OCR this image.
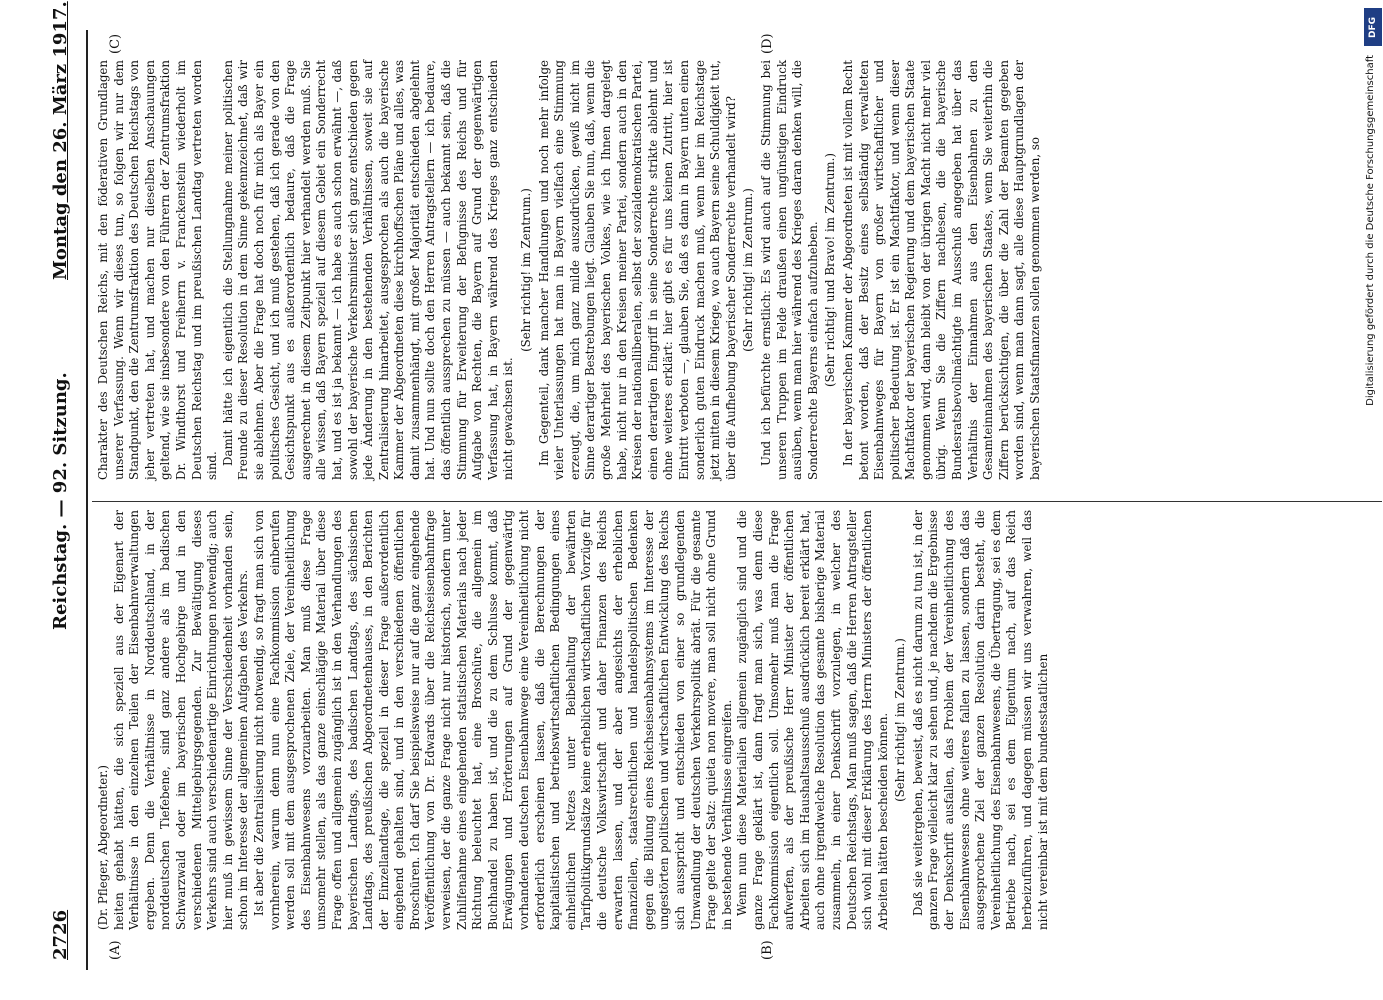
2726
Reichstag. — 92. Sitzung.
Montag den 26. März 1917.
(A)	(B)
(C)	(D)

(Dr. Pfleger, Abgeordneter.) heiten gehabt hätten, die sich speziell aus der Eigenart der Verhältnisse in den einzelnen Teilen der Eisenbahnverwaltungen ergeben. Denn die Verhältnisse in Norddeutschland, in der norddeutschen Tiefebene, sind ganz andere als im badischen Schwarzwald oder im bayerischen Hochgebirge und in den verschiedenen Mittelgebirgsgegenden. Zur Bewältigung dieses Verkehrs sind auch verschiedenartige Einrichtungen notwendig; auch hier muß in gewissem Sinne der Verschiedenheit vorhanden sein, schon im Interesse der allgemeinen Aufgaben des Verkehrs. Ist aber die Zentralisierung nicht notwendig, so fragt man sich von vornherein, warum denn nun eine Fachkommission einberufen werden soll mit dem ausgesprochenen Ziele, der Vereinheitlichung des Eisenbahnwesens vorzuarbeiten. Man muß diese Frage umsomehr stellen, als das ganze einschlägige Material über diese Frage offen und allgemein zugänglich ist in den Verhandlungen des bayerischen Landtags, des badischen Landtags, des sächsischen Landtags, des preußischen Abgeordnetenhauses, in den Berichten der Einzellandtage, die speziell in dieser Frage außerordentlich eingehend gehalten sind, und in den verschiedenen öffentlichen Broschüren. Ich darf Sie beispielsweise nur auf die ganz eingehende Veröffentlichung von Dr. Edwards über die Reichseisenbahnfrage verweisen, der die ganze Frage nicht nur historisch, sondern unter Zuhilfenahme eines eingehenden statistischen Materials nach jeder Richtung beleuchtet hat, eine Broschüre, die allgemein im Buchhandel zu haben ist, und die zu dem Schlusse kommt, daß Erwägungen und Erörterungen auf Grund der gegenwärtig vorhandenen deutschen Eisenbahnwege eine Vereinheitlichung nicht erforderlich erscheinen lassen, daß die Berechnungen der kapitalistischen und betriebswirtschaftlichen Bedingungen eines einheitlichen Netzes unter Beibehaltung der bewährten Tarifpolitikgrundsätze keine erheblichen wirtschaftlichen Vorzüge für die deutsche Volkswirtschaft und daher Finanzen des Reichs erwarten lassen, und der aber angesichts der erheblichen finanziellen, staatsrechtlichen und handelspolitischen Bedenken gegen die Bildung eines Reichseisenbahnsystems im Interesse der ungestörten politischen und wirtschaftlichen Entwicklung des Reichs sich ausspricht und entschieden von einer so grundlegenden Umwandlung der deutschen Verkehrspolitik abrät. Für die gesamte Frage gelte der Satz: quieta non movere, man soll nicht ohne Grund in bestehende Verhältnisse eingreifen. Wenn nun diese Materialien allgemein zugänglich sind und die ganze Frage geklärt ist, dann fragt man sich, was denn diese Fachkommission eigentlich soll. Umsomehr muß man die Frage aufwerfen, als der preußische Herr Minister der öffentlichen Arbeiten sich im Haushaltsausschuß ausdrücklich bereit erklärt hat, auch ohne irgendwelche Resolution das gesamte bisherige Material zusammeln, in einer Denkschrift vorzulegen, in welcher des Deutschen Reichstags, Man muß sagen, daß die Herren Antragsteller sich wohl mit dieser Erklärung des Herrn Ministers der öffentlichen Arbeiten hätten bescheiden können. (Sehr richtig! im Zentrum.) Daß sie weitergehen, beweist, daß es nicht darum zu tun ist, in der ganzen Frage vielleicht klar zu sehen und, je nachdem die Ergebnisse der Denkschrift ausfallen, das Problem der Vereinheitlichung des Eisenbahnwesens ohne weiteres fallen zu lassen, sondern daß das ausgesprochene Ziel der ganzen Resolution darin besteht, die Vereinheitlichung des Eisenbahnwesens, die Übertragung, sei es dem Betriebe nach, sei es dem Eigentum nach, auf das Reich herbeizuführen, und dagegen müssen wir uns verwahren, weil das nicht vereinbar ist mit dem bundesstaatlichen

Charakter des Deutschen Reichs, mit den föderativen Grundlagen unserer Verfassung. Wenn wir dieses tun, so folgen wir nur dem Standpunkt, den die Zentrumsfraktion des Deutschen Reichstags von jeher vertreten hat, und machen nur dieselben Anschauungen geltend, wie sie insbesondere von den Führern der Zentrumsfraktion Dr. Windthorst und Freiherrn v. Franckenstein wiederholt im Deutschen Reichstag und im preußischen Landtag vertreten worden sind. Damit hätte ich eigentlich die Stellungnahme meiner politischen Freunde zu dieser Resolution in dem Sinne gekennzeichnet, daß wir sie ablehnen. Aber die Frage hat doch noch für mich als Bayer ein politisches Gesicht, und ich muß gestehen, daß ich gerade von den Gesichtspunkt aus es außerordentlich bedaure, daß die Frage ausgerechnet in diesem Zeitpunkt hier verhandelt werden muß. Sie alle wissen, daß Bayern speziell auf diesem Gebiet ein Sonderrecht hat, und es ist ja bekannt — ich habe es auch schon erwähnt —, daß sowohl der bayerische Verkehrsminister sich ganz entschieden gegen jede Änderung in den bestehenden Verhältnissen, soweit sie auf Zentralisierung hinarbeitet, ausgesprochen als auch die bayerische Kammer der Abgeordneten diese kirchhoffschen Pläne und alles, was damit zusammenhängt, mit großer Majorität entschieden abgelehnt hat. Und nun sollte doch den Herren Antragstellern — ich bedaure, das öffentlich aussprechen zu müssen — auch bekannt sein, daß die Stimmung für Erweiterung der Befugnisse des Reichs und für Aufgabe von Rechten, die Bayern auf Grund der gegenwärtigen Verfassung hat, in Bayern während des Krieges ganz entschieden nicht gewachsen ist.

(Sehr richtig! im Zentrum.) Im Gegenteil, dank mancher Handlungen und noch mehr infolge vieler Unterlassungen hat man in Bayern vielfach eine Stimmung erzeugt, die, um mich ganz milde auszudrücken, gewiß nicht im Sinne derartiger Bestrebungen liegt. Glauben Sie nun, daß, wenn die große Mehrheit des bayerischen Volkes, wie ich Ihnen dargelegt habe, nicht nur in den Kreisen meiner Partei, sondern auch in den Kreisen der nationalliberalen, selbst der sozialdemokratischen Partei, einen derartigen Eingriff in seine Sonderrechte strikte ablehnt und ohne weiteres erklärt: hier gibt es für uns keinen Zutritt, hier ist Eintritt verboten —, glauben Sie, daß es dann in Bayern unten einen sonderlich guten Eindruck machen muß, wenn hier im Reichstage jetzt mitten in diesem Kriege, wo auch Bayern seine Schuldigkeit tut, über die Aufhebung bayerischer Sonderrechte verhandelt wird? (Sehr richtig! im Zentrum.) Und ich befürchte ernstlich: Es wird auch auf die Stimmung bei unseren Truppen im Felde draußen einen ungünstigen Eindruck ausüben, wenn man hier während des Krieges daran denken will, die Sonderrechte Bayerns einfach aufzuheben. (Sehr richtig! und Bravo! im Zentrum.) In der bayerischen Kammer der Abgeordneten ist mit vollem Recht betont worden, daß der Besitz eines selbständig verwalteten Eisenbahnweges für Bayern von großer wirtschaftlicher und politischer Bedeutung ist. Er ist ein Machtfaktor, und wenn dieser Machtfaktor der bayerischen Regierung und dem bayerischen Staate genommen wird, dann bleibt von der übrigen Macht nicht mehr viel übrig. Wenn Sie die Ziffern nachlesen, die die bayerische Bundesratsbevollmächtigte im Ausschuß angegeben hat über das Verhältnis der Einnahmen aus den Eisenbahnen zu den Gesamteinnahmen des bayerischen Staates, wenn Sie weiterhin die Ziffern berücksichtigen, die über die Zahl der Beamten gegeben worden sind, wenn man dann sagt, alle diese Hauptgrundlagen der bayerischen Staatsfinanzen sollen genommen werden, so

DFG
Digitalisierung gefördert durch die Deutsche Forschungsgemeinschaft
